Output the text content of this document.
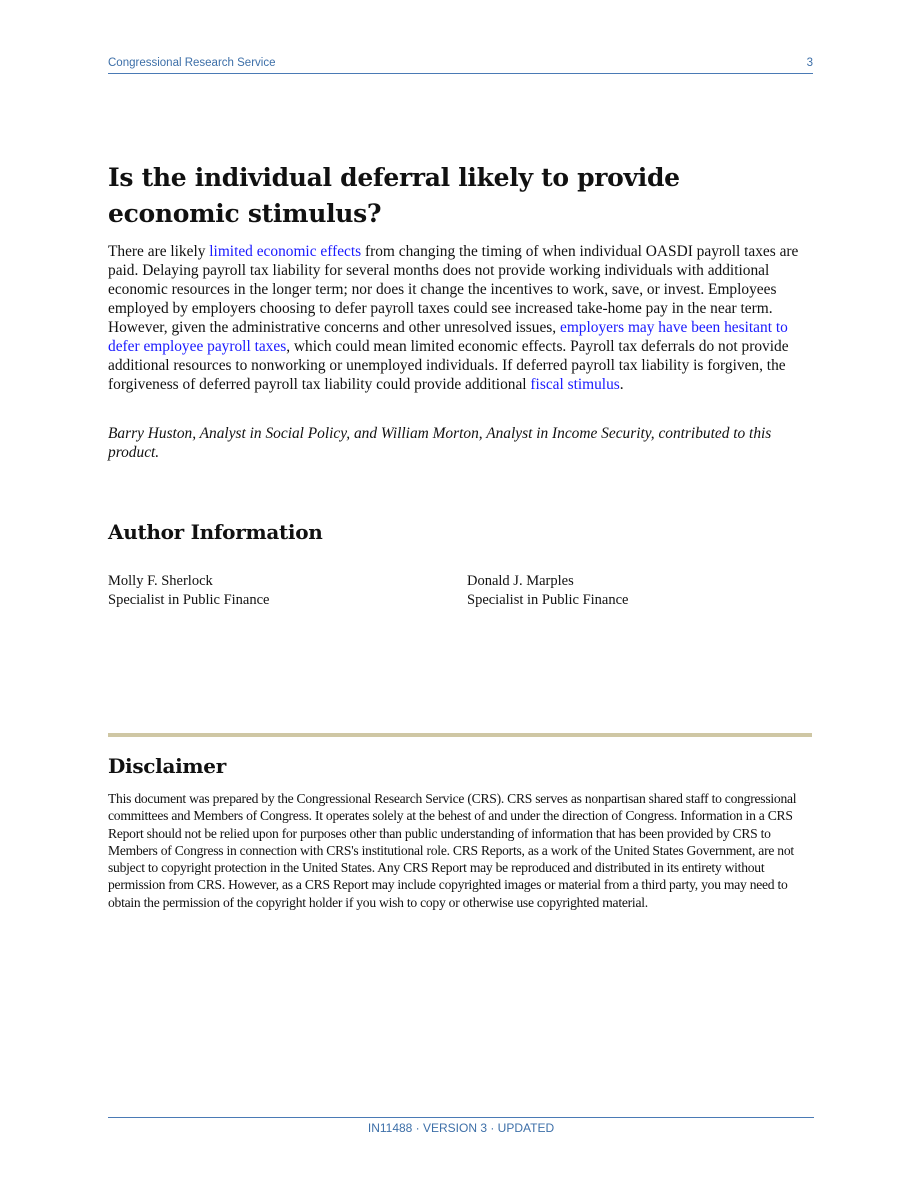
Congressional Research Service	3
Is the individual deferral likely to provide economic stimulus?

There are likely limited economic effects from changing the timing of when individual OASDI payroll taxes are paid. Delaying payroll tax liability for several months does not provide working individuals with additional economic resources in the longer term; nor does it change the incentives to work, save, or invest. Employees employed by employers choosing to defer payroll taxes could see increased take-home pay in the near term. However, given the administrative concerns and other unresolved issues, employers may have been hesitant to defer employee payroll taxes, which could mean limited economic effects. Payroll tax deferrals do not provide additional resources to nonworking or unemployed individuals. If deferred payroll tax liability is forgiven, the forgiveness of deferred payroll tax liability could provide additional fiscal stimulus.

Barry Huston, Analyst in Social Policy, and William Morton, Analyst in Income Security, contributed to this product.

Author Information
Molly F. Sherlock
Specialist in Public Finance
Donald J. Marples
Specialist in Public Finance
Disclaimer

This document was prepared by the Congressional Research Service (CRS). CRS serves as nonpartisan shared staff to congressional committees and Members of Congress. It operates solely at the behest of and under the direction of Congress. Information in a CRS Report should not be relied upon for purposes other than public understanding of information that has been provided by CRS to Members of Congress in connection with CRS's institutional role. CRS Reports, as a work of the United States Government, are not subject to copyright protection in the United States. Any CRS Report may be reproduced and distributed in its entirety without permission from CRS. However, as a CRS Report may include copyrighted images or material from a third party, you may need to obtain the permission of the copyright holder if you wish to copy or otherwise use copyrighted material.

IN11488 · VERSION 3 · UPDATED
